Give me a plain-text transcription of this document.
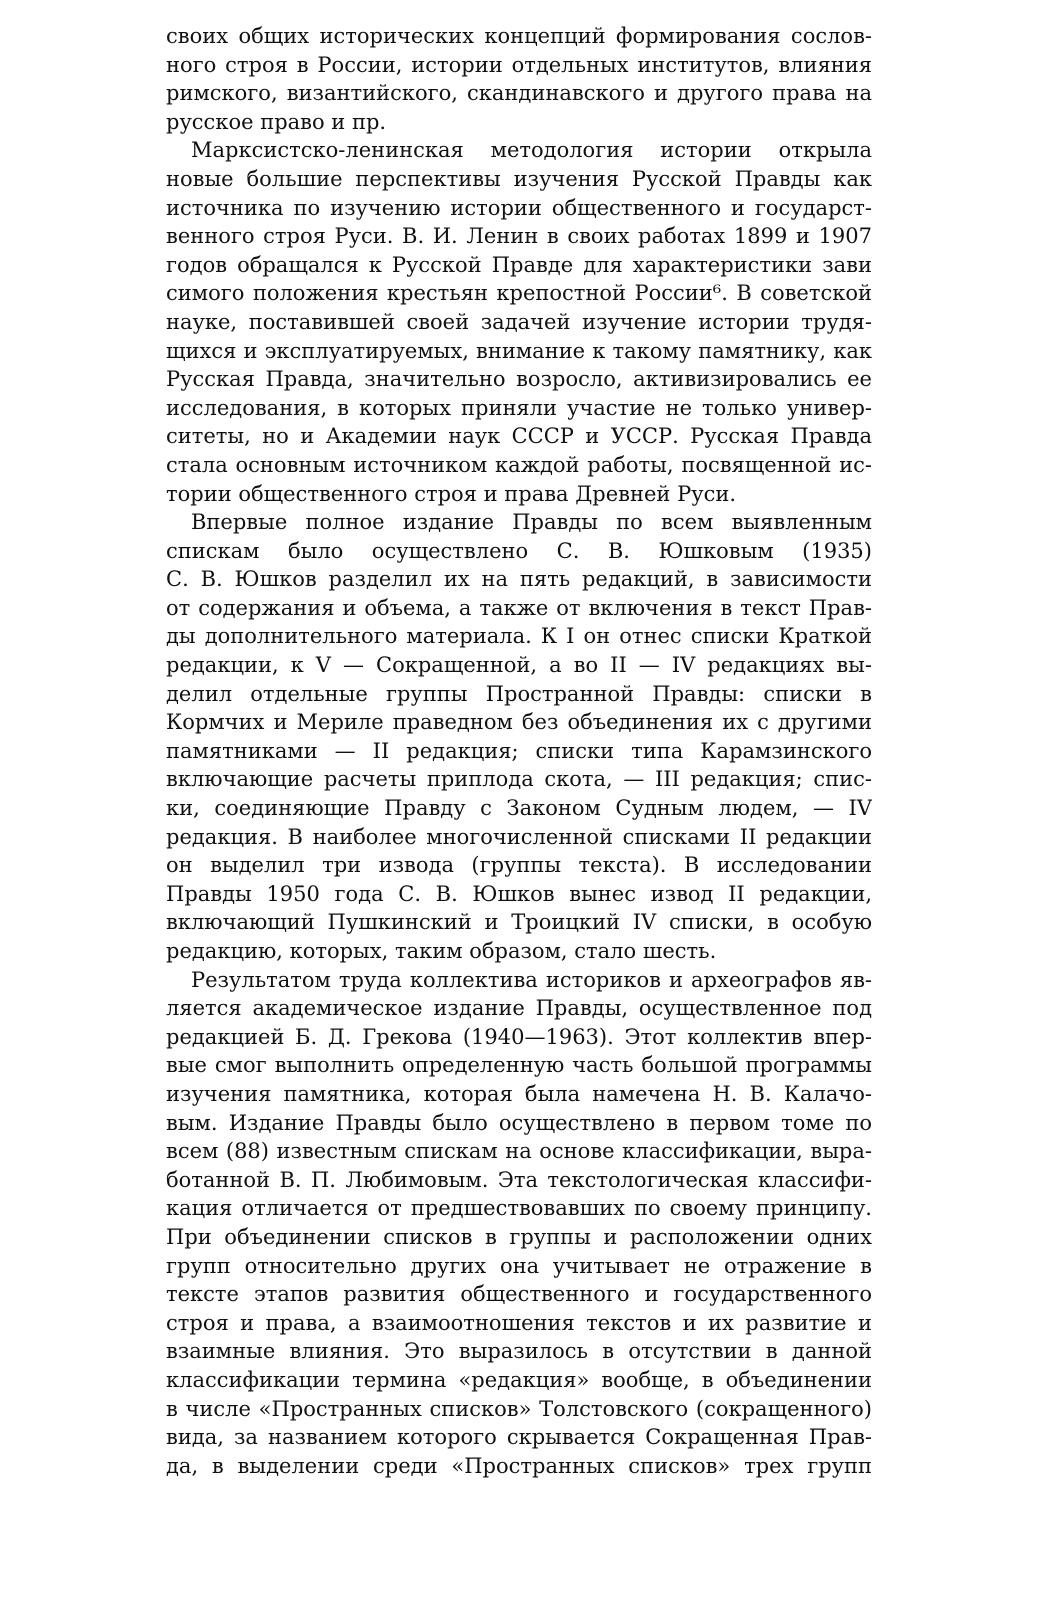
своих общих исторических концепций формирования сослов-
ного строя в России, истории отдельных институтов, влияния
римского, византийского, скандинавского и другого права на
русское право и пр.
Марксистско-ленинская методология истории открыла
новые большие перспективы изучения Русской Правды как
источника по изучению истории общественного и государст-
венного строя Руси. В. И. Ленин в своих работах 1899 и 1907
годов обращался к Русской Правде для характеристики зави
симого положения крестьян крепостной России⁶. В советской
науке, поставившей своей задачей изучение истории трудя-
щихся и эксплуатируемых, внимание к такому памятнику, как
Русская Правда, значительно возросло, активизировались ее
исследования, в которых приняли участие не только универ-
ситеты, но и Академии наук СССР и УССР. Русская Правда
стала основным источником каждой работы, посвященной ис-
тории общественного строя и права Древней Руси.
Впервые полное издание Правды по всем выявленным
спискам было осуществлено С. В. Юшковым (1935)
С. В. Юшков разделил их на пять редакций, в зависимости
от содержания и объема, а также от включения в текст Прав-
ды дополнительного материала. К I он отнес списки Краткой
редакции, к V — Сокращенной, а во II — IV редакциях вы-
делил отдельные группы Пространной Правды: списки в
Кормчих и Мериле праведном без объединения их с другими
памятниками — II редакция; списки типа Карамзинского
включающие расчеты приплода скота, — III редакция; спис-
ки, соединяющие Правду с Законом Судным людем, — IV
редакция. В наиболее многочисленной списками II редакции
он выделил три извода (группы текста). В исследовании
Правды 1950 года С. В. Юшков вынес извод II редакции,
включающий Пушкинский и Троицкий IV списки, в особую
редакцию, которых, таким образом, стало шесть.
Результатом труда коллектива историков и археографов яв-
ляется академическое издание Правды, осуществленное под
редакцией Б. Д. Грекова (1940—1963). Этот коллектив впер-
вые смог выполнить определенную часть большой программы
изучения памятника, которая была намечена Н. В. Калачо-
вым. Издание Правды было осуществлено в первом томе по
всем (88) известным спискам на основе классификации, выра-
ботанной В. П. Любимовым. Эта текстологическая классифи-
кация отличается от предшествовавших по своему принципу.
При объединении списков в группы и расположении одних
групп относительно других она учитывает не отражение в
тексте этапов развития общественного и государственного
строя и права, а взаимоотношения текстов и их развитие и
взаимные влияния. Это выразилось в отсутствии в данной
классификации термина «редакция» вообще, в объединении
в числе «Пространных списков» Толстовского (сокращенного)
вида, за названием которого скрывается Сокращенная Прав-
да, в выделении среди «Пространных списков» трех групп
